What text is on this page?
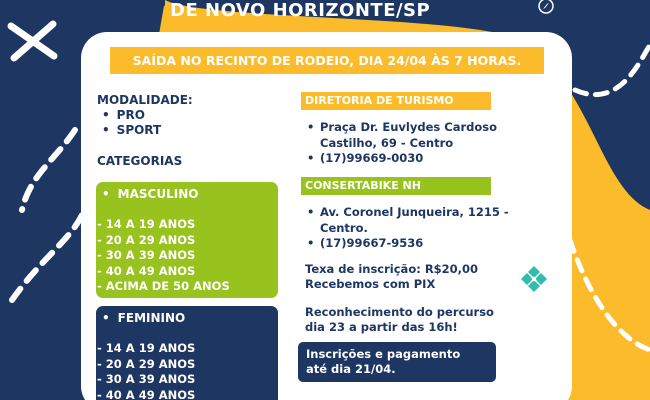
DE NOVO HORIZONTE/SP
SAÍDA NO RECINTO DE RODEIO, DIA 24/04 ÀS 7 HORAS.
MODALIDADE:
• PRO
• SPORT
CATEGORIAS
• MASCULINO
- 14 A 19 ANOS
- 20 A 29 ANOS
- 30 A 39 ANOS
- 40 A 49 ANOS
- ACIMA DE 50 ANOS
• FEMININO
- 14 A 19 ANOS
- 20 A 29 ANOS
- 30 A 39 ANOS
- 40 A 49 ANOS
DIRETORIA DE TURISMO
• Praça Dr. Euvlydes Cardoso
Castilho, 69 - Centro
• (17)99669-0030
CONSERTABIKE NH
• Av. Coronel Junqueira, 1215 -
Centro.
• (17)99667-9536
Texa de inscrição: R$20,00
Recebemos com PIX
Reconhecimento do percurso
dia 23 a partir das 16h!
Inscrições e pagamento
até dia 21/04.
